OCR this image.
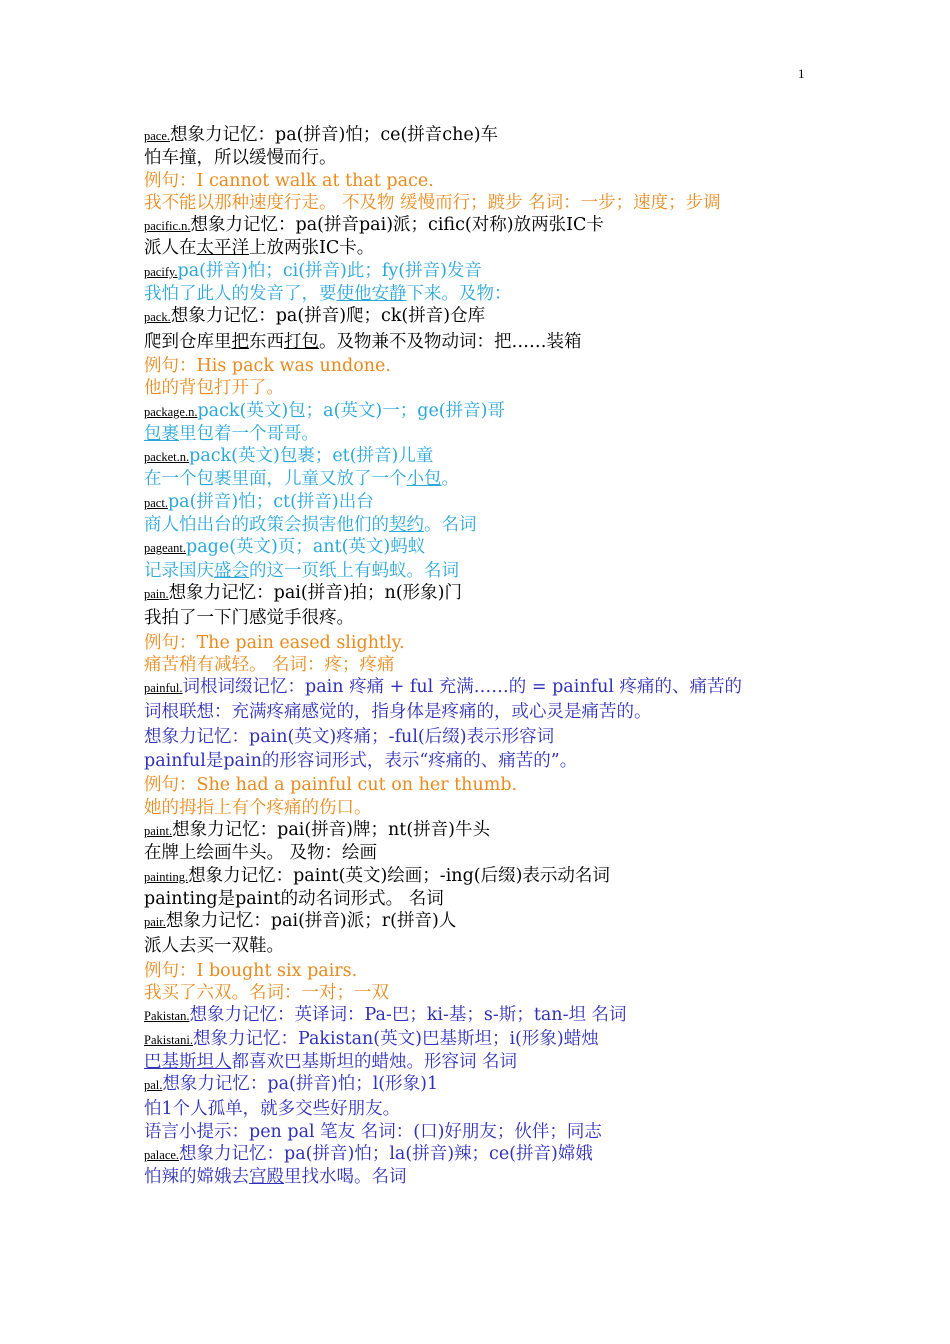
1
pace.想象力记忆：pa(拼音)怕；ce(拼音che)车
怕车撞，所以缓慢而行。
例句：I cannot walk at that pace.
我不能以那种速度行走。 不及物 缓慢而行；踱步 名词：一步；速度；步调
pacific.n.想象力记忆：pa(拼音pai)派；cific(对称)放两张IC卡
派人在太平洋上放两张IC卡。
pacify.pa(拼音)怕；ci(拼音)此；fy(拼音)发音
我怕了此人的发音了，要使他安静下来。及物：
pack.想象力记忆：pa(拼音)爬；ck(拼音)仓库
爬到仓库里把东西打包。及物兼不及物动词：把……装箱
例句：His pack was undone.
他的背包打开了。
package.n.pack(英文)包；a(英文)一；ge(拼音)哥
包裹里包着一个哥哥。
packet.n.pack(英文)包裹；et(拼音)儿童
在一个包裹里面，儿童又放了一个小包。
pact.pa(拼音)怕；ct(拼音)出台
商人怕出台的政策会损害他们的契约。名词
pageant.page(英文)页；ant(英文)蚂蚁
记录国庆盛会的这一页纸上有蚂蚁。名词
pain.想象力记忆：pai(拼音)拍；n(形象)门
我拍了一下门感觉手很疼。
例句：The pain eased slightly.
痛苦稍有减轻。 名词：疼；疼痛
painful.词根词缀记忆：pain 疼痛 + ful 充满……的 = painful 疼痛的、痛苦的
词根联想：充满疼痛感觉的，指身体是疼痛的，或心灵是痛苦的。
想象力记忆：pain(英文)疼痛；-ful(后缀)表示形容词
painful是pain的形容词形式，表示“疼痛的、痛苦的”。
例句：She had a painful cut on her thumb.
她的拇指上有个疼痛的伤口。
paint.想象力记忆：pai(拼音)牌；nt(拼音)牛头
在牌上绘画牛头。 及物：绘画
painting.想象力记忆：paint(英文)绘画；-ing(后缀)表示动名词
painting是paint的动名词形式。 名词
pair.想象力记忆：pai(拼音)派；r(拼音)人
派人去买一双鞋。
例句：I bought six pairs.
我买了六双。名词：一对；一双
Pakistan.想象力记忆：英译词：Pa-巴；ki-基；s-斯；tan-坦 名词
Pakistani.想象力记忆：Pakistan(英文)巴基斯坦；i(形象)蜡烛
巴基斯坦人都喜欢巴基斯坦的蜡烛。形容词 名词
pal.想象力记忆：pa(拼音)怕；l(形象)1
怕1个人孤单，就多交些好朋友。
语言小提示：pen pal 笔友 名词：(口)好朋友；伙伴；同志
palace.想象力记忆：pa(拼音)怕；la(拼音)辣；ce(拼音)嫦娥
怕辣的嫦娥去宫殿里找水喝。名词
